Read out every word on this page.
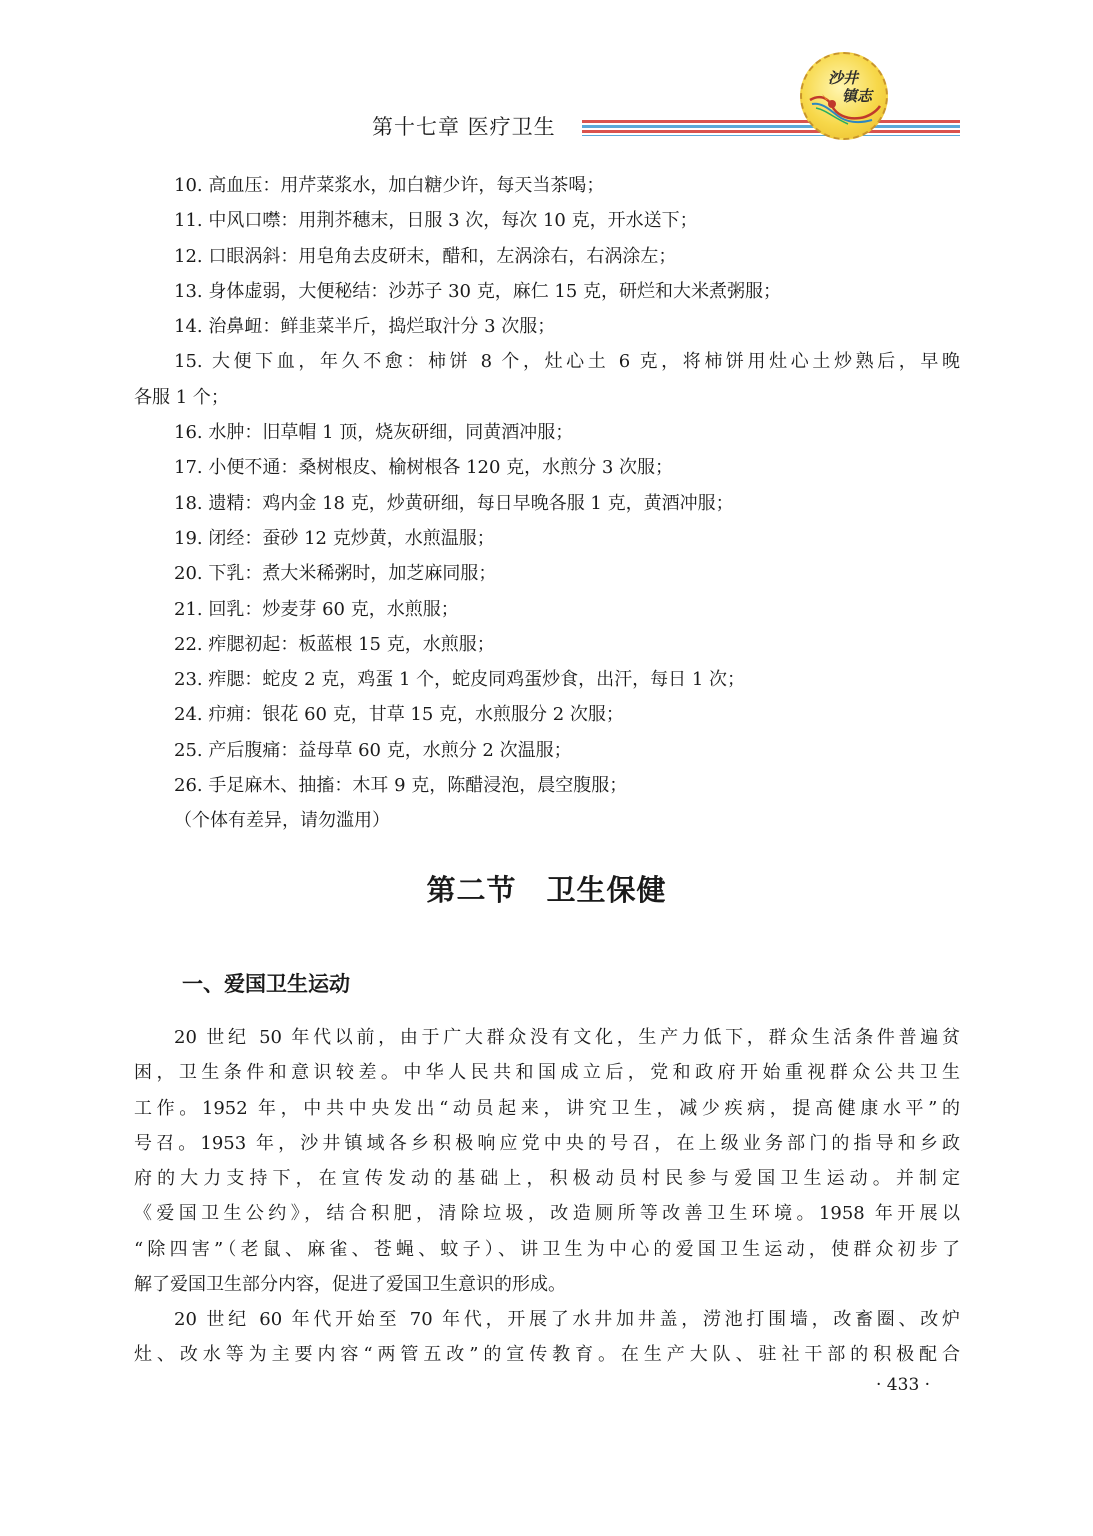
第十七章 医疗卫生
沙井
镇志
10. 高血压：用芹菜浆水，加白糖少许，每天当茶喝；
11. 中风口噤：用荆芥穗末，日服 3 次，每次 10 克，开水送下；
12. 口眼涡斜：用皂角去皮研末，醋和，左涡涂右，右涡涂左；
13. 身体虚弱，大便秘结：沙苏子 30 克，麻仁 15 克，研烂和大米煮粥服；
14. 治鼻衄：鲜韭菜半斤，捣烂取汁分 3 次服；
15. 大便下血，年久不愈：柿饼 8 个，灶心土 6 克，将柿饼用灶心土炒熟后，早晚
各服 1 个；
16. 水肿：旧草帽 1 顶，烧灰研细，同黄酒冲服；
17. 小便不通：桑树根皮、榆树根各 120 克，水煎分 3 次服；
18. 遗精：鸡内金 18 克，炒黄研细，每日早晚各服 1 克，黄酒冲服；
19. 闭经：蚕砂 12 克炒黄，水煎温服；
20. 下乳：煮大米稀粥时，加芝麻同服；
21. 回乳：炒麦芽 60 克，水煎服；
22. 痄腮初起：板蓝根 15 克，水煎服；
23. 痄腮：蛇皮 2 克，鸡蛋 1 个，蛇皮同鸡蛋炒食，出汗，每日 1 次；
24. 疖痈：银花 60 克，甘草 15 克，水煎服分 2 次服；
25. 产后腹痛：益母草 60 克，水煎分 2 次温服；
26. 手足麻木、抽搐：木耳 9 克，陈醋浸泡，晨空腹服；
（个体有差异，请勿滥用）
第二节　卫生保健
一、爱国卫生运动
20 世纪 50 年代以前，由于广大群众没有文化，生产力低下，群众生活条件普遍贫
困，卫生条件和意识较差。中华人民共和国成立后，党和政府开始重视群众公共卫生
工作。1952 年，中共中央发出“动员起来，讲究卫生，减少疾病，提高健康水平”的
号召。1953 年，沙井镇域各乡积极响应党中央的号召，在上级业务部门的指导和乡政
府的大力支持下，在宣传发动的基础上，积极动员村民参与爱国卫生运动。并制定
《爱国卫生公约》，结合积肥，清除垃圾，改造厕所等改善卫生环境。1958 年开展以
“除四害”（老鼠、麻雀、苍蝇、蚊子）、讲卫生为中心的爱国卫生运动，使群众初步了
解了爱国卫生部分内容，促进了爱国卫生意识的形成。
20 世纪 60 年代开始至 70 年代，开展了水井加井盖，涝池打围墙，改畜圈、改炉
灶、改水等为主要内容“两管五改”的宣传教育。在生产大队、驻社干部的积极配合
· 433 ·
